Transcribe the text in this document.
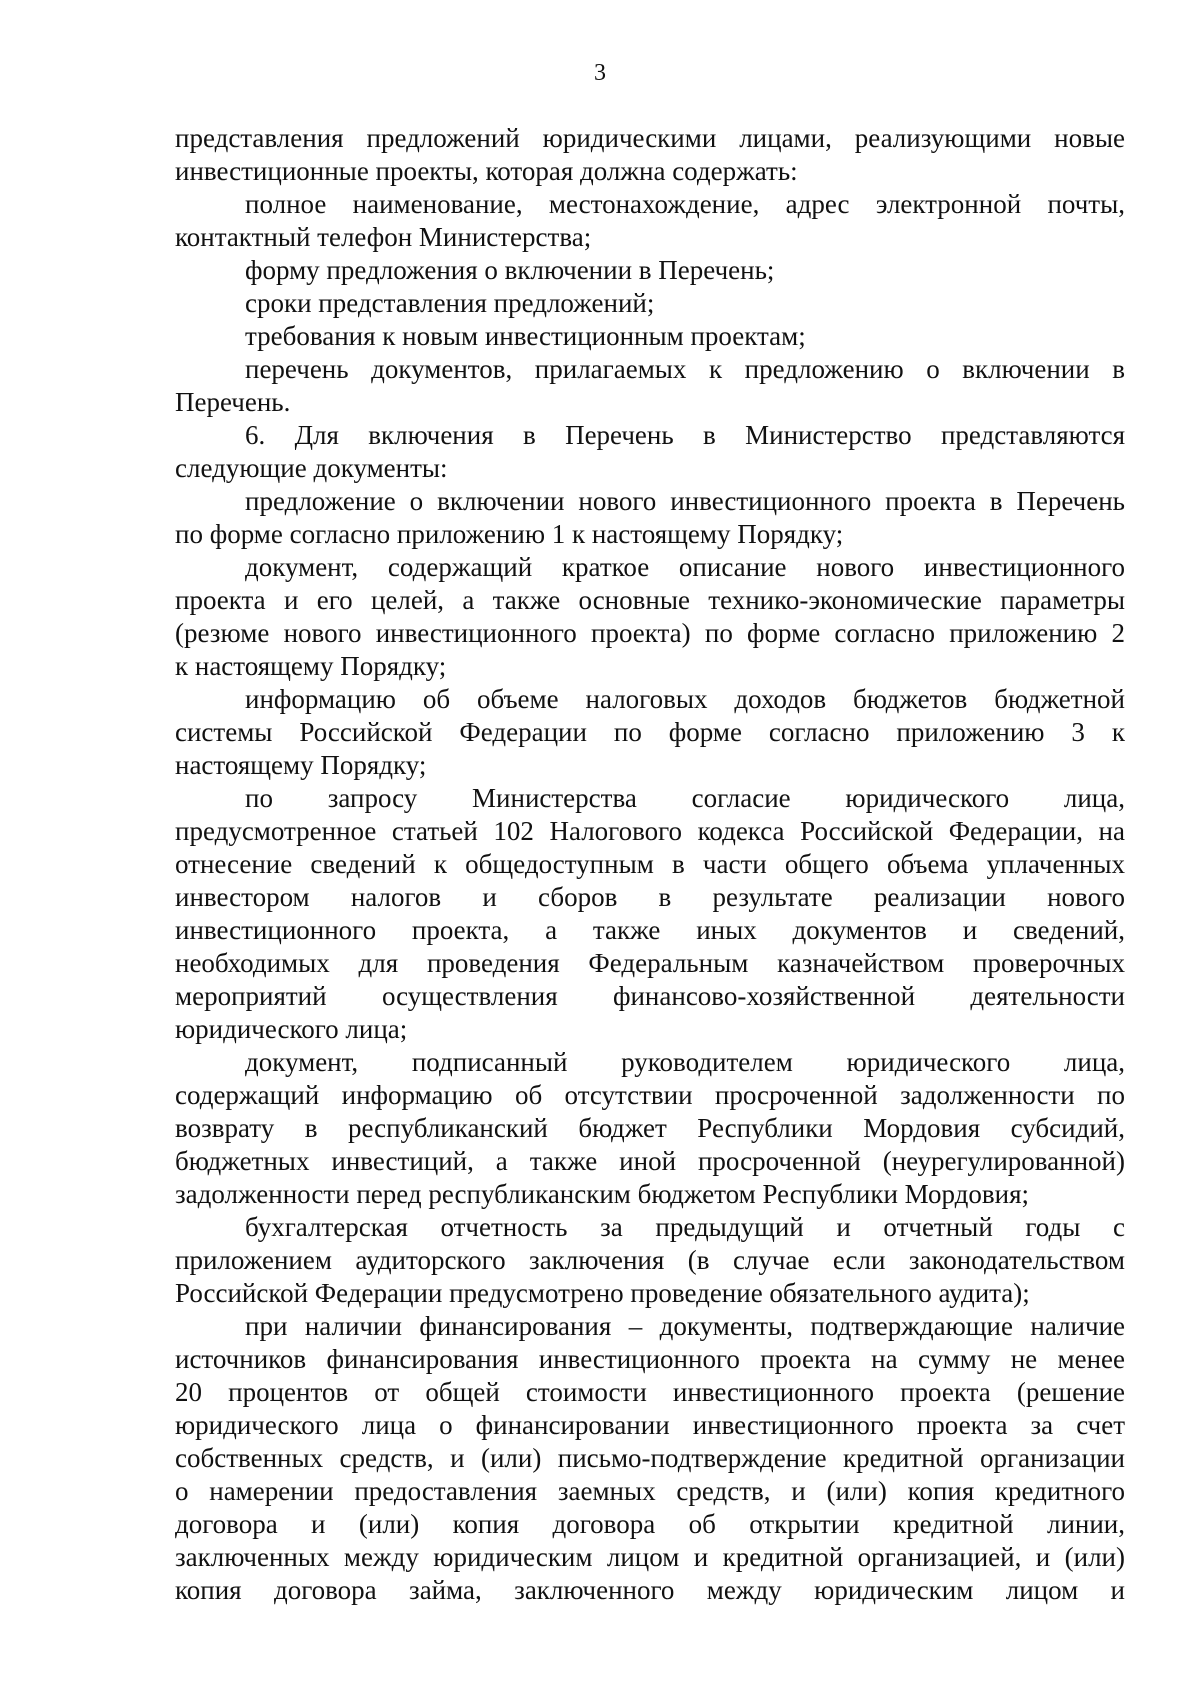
3
представления предложений юридическими лицами, реализующими новые
инвестиционные проекты, которая должна содержать:
полное наименование, местонахождение, адрес электронной почты,
контактный телефон Министерства;
форму предложения о включении в Перечень;
сроки представления предложений;
требования к новым инвестиционным проектам;
перечень документов, прилагаемых к предложению о включении в
Перечень.
6. Для включения в Перечень в Министерство представляются
следующие документы:
предложение о включении нового инвестиционного проекта в Перечень
по форме согласно приложению 1 к настоящему Порядку;
документ, содержащий краткое описание нового инвестиционного
проекта и его целей, а также основные технико-экономические параметры
(резюме нового инвестиционного проекта) по форме согласно приложению 2
к настоящему Порядку;
информацию об объеме налоговых доходов бюджетов бюджетной
системы Российской Федерации по форме согласно приложению 3 к
настоящему Порядку;
по запросу Министерства согласие юридического лица,
предусмотренное статьей 102 Налогового кодекса Российской Федерации, на
отнесение сведений к общедоступным в части общего объема уплаченных
инвестором налогов и сборов в результате реализации нового
инвестиционного проекта, а также иных документов и сведений,
необходимых для проведения Федеральным казначейством проверочных
мероприятий осуществления финансово-хозяйственной деятельности
юридического лица;
документ, подписанный руководителем юридического лица,
содержащий информацию об отсутствии просроченной задолженности по
возврату в республиканский бюджет Республики Мордовия субсидий,
бюджетных инвестиций, а также иной просроченной (неурегулированной)
задолженности перед республиканским бюджетом Республики Мордовия;
бухгалтерская отчетность за предыдущий и отчетный годы с
приложением аудиторского заключения (в случае если законодательством
Российской Федерации предусмотрено проведение обязательного аудита);
при наличии финансирования – документы, подтверждающие наличие
источников финансирования инвестиционного проекта на сумму не менее
20 процентов от общей стоимости инвестиционного проекта (решение
юридического лица о финансировании инвестиционного проекта за счет
собственных средств, и (или) письмо-подтверждение кредитной организации
о намерении предоставления заемных средств, и (или) копия кредитного
договора и (или) копия договора об открытии кредитной линии,
заключенных между юридическим лицом и кредитной организацией, и (или)
копия договора займа, заключенного между юридическим лицом и
